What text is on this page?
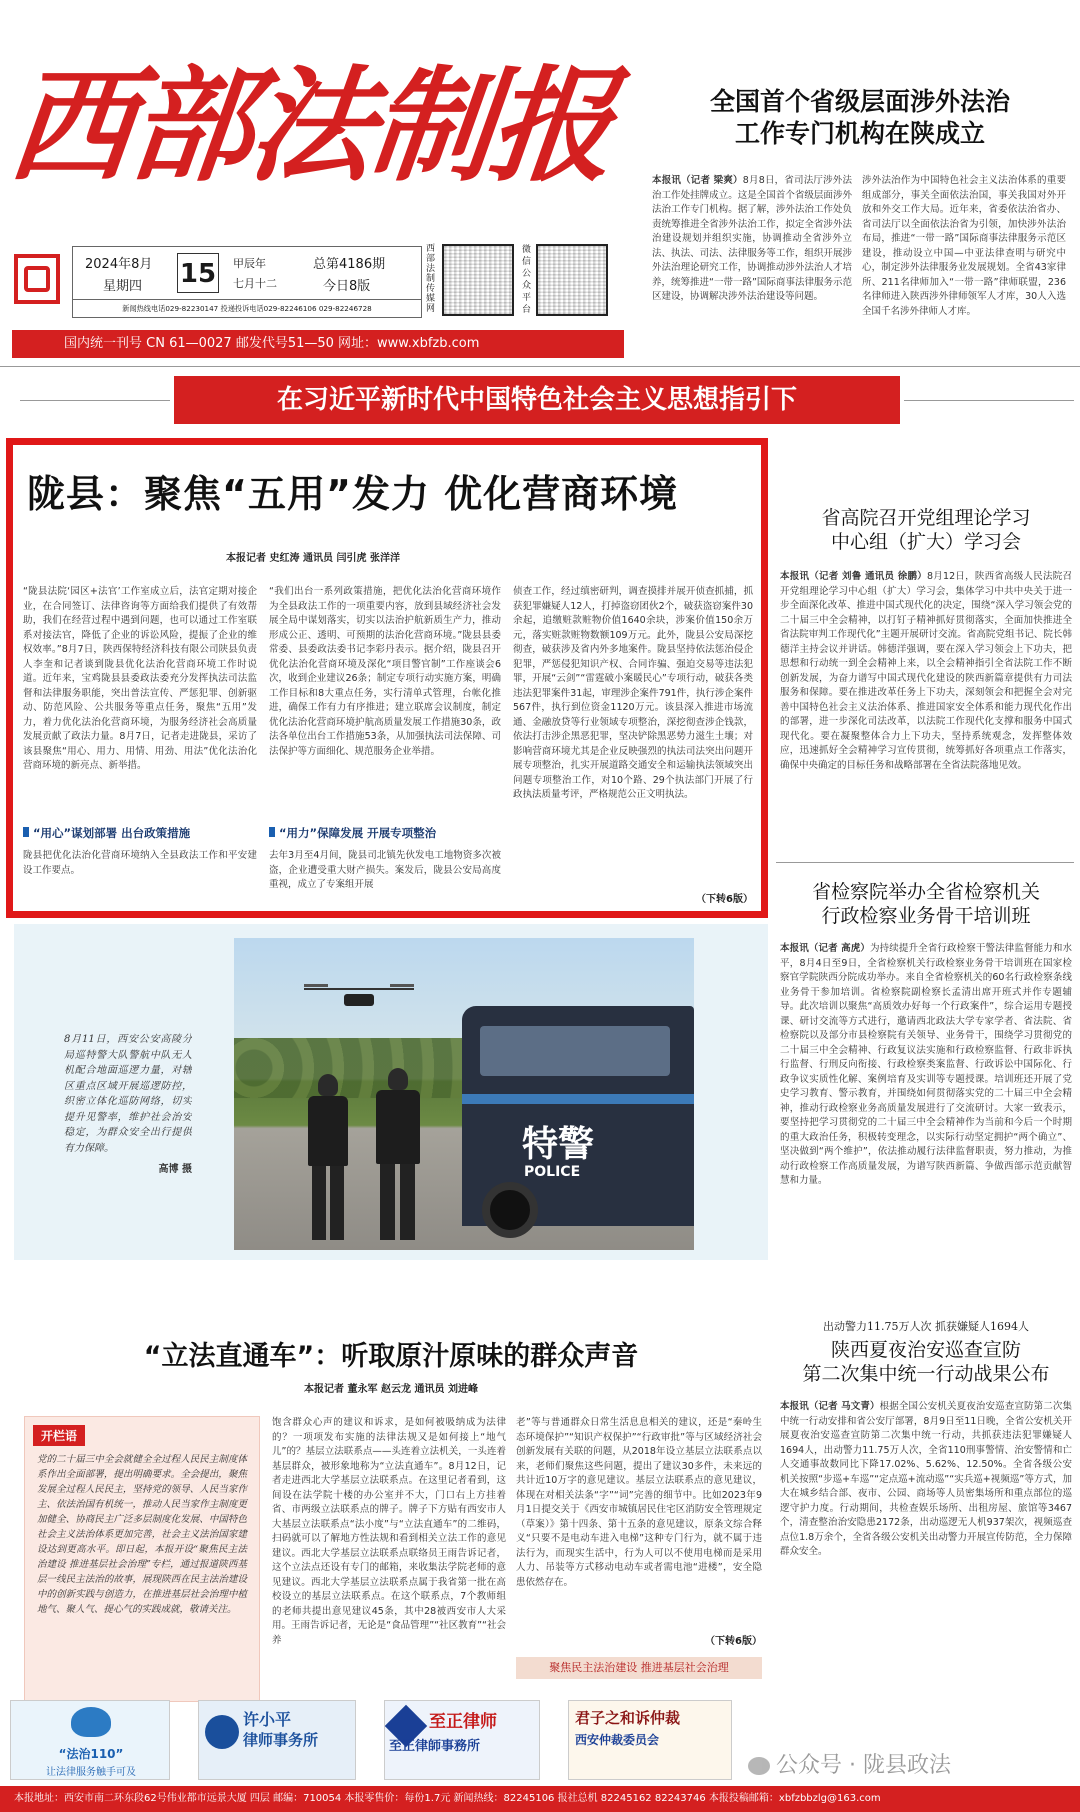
西部法制报
2024年8月
星期四 15 甲辰年
七月十二
总第4186期
今日8版
新闻热线电话029-82230147 投递投诉电话029-82246106 029-82246728
西部法制传媒网
微信公众平台
国内统一刊号 CN 61—0027 邮发代号51—50 网址：www.xbfzb.com
全国首个省级层面涉外法治
工作专门机构在陕成立
本报讯（记者 梁爽）8月8日，省司法厅涉外法治工作处挂牌成立。这是全国首个省级层面涉外法治工作专门机构。据了解，涉外法治工作处负责统筹推进全省涉外法治工作，拟定全省涉外法治建设规划并组织实施，协调推动全省涉外立法、执法、司法、法律服务等工作，组织开展涉外法治理论研究工作，协调推动涉外法治人才培养，统筹推进“一带一路”国际商事法律服务示范区建设，协调解决涉外法治建设等问题。
涉外法治作为中国特色社会主义法治体系的重要组成部分，事关全面依法治国，事关我国对外开放和外交工作大局。近年来，省委依法治省办、省司法厅以全面依法治省为引领，加快涉外法治布局，推进“一带一路”国际商事法律服务示范区建设，推动设立中国—中亚法律查明与研究中心，制定涉外法律服务业发展规划。全省43家律所、211名律师加入“一带一路”律师联盟，236名律师进入陕西涉外律师领军人才库，30人入选全国千名涉外律师人才库。
在习近平新时代中国特色社会主义思想指引下
陇县：聚焦“五用”发力 优化营商环境
本报记者 史红涛 通讯员 闫引虎 张洋洋
“陇县法院‘园区+法官’工作室成立后，法官定期对接企业，在合同签订、法律咨询等方面给我们提供了有效帮助，我们在经营过程中遇到问题，也可以通过工作室联系对接法官，降低了企业的诉讼风险，提振了企业的维权效率。”8月7日，陕西保特经济科技有限公司陕县负责人李奎和记者谈到陇县优化法治化营商环境工作时说道。近年来，宝鸡陇县县委政法委充分发挥执法司法监督和法律服务职能，突出普法宣传、严惩犯罪、创新驱动、防范风险、公共服务等重点任务，聚焦“五用”发力，着力优化法治化营商环境，为服务经济社会高质量发展贡献了政法力量。8月7日，记者走进陇县，采访了该县聚焦“用心、用力、用情、用劲、用法”优化法治化营商环境的新亮点、新举措。
“用心”谋划部署 出台政策措施
陇县把优化法治化营商环境纳入全县政法工作和平安建设工作要点。
“我们出台一系列政策措施，把优化法治化营商环境作为全县政法工作的一项重要内容，放到县域经济社会发展全局中谋划落实，切实以法治护航新质生产力，推动形成公正、透明、可预期的法治化营商环境。”陇县县委常委、县委政法委书记李彩丹表示。据介绍，陇县召开优化法治化营商环境及深化“项目警官制”工作座谈会6次，收到企业建议26条；制定专项行动实施方案，明确工作目标和8大重点任务，实行清单式管理，台帐化推进，确保工作有力有序推进；建立联席会议制度，制定优化法治化营商环境护航高质量发展工作措施30条，政法各单位出台工作措施53条，从加强执法司法保障、司法保护等方面细化、规范服务企业举措。
“用力”保障发展 开展专项整治
去年3月至4月间，陇县司北镇先伙发电工地物资多次被盗，企业遭受重大财产损失。案发后，陇县公安局高度重视，成立了专案组开展
侦查工作，经过缜密研判，调查摸排并展开侦查抓捕，抓获犯罪嫌疑人12人，打掉盗窃团伙2个，破获盗窃案件30余起，追缴赃款赃物价值1640余块，涉案价值150余万元，落实赃款赃物数额109万元。此外，陇县公安局深挖彻查，破获涉及省内外多地案件。陇县坚持依法惩治侵企犯罪，严惩侵犯知识产权、合同诈骗、强迫交易等违法犯罪，开展“云剑”“雷霆破小案暖民心”专项行动，破获各类违法犯罪案件31起，审理涉企案件791件，执行涉企案件567件，执行到位资金1120万元。该县深入推进市场流通、金融放贷等行业领域专项整治，深挖彻查涉企钱款，依法打击涉企黑恶犯罪，坚决铲除黑恶势力滋生土壤；对影响营商环境尤其是企业反映强烈的执法司法突出问题开展专项整治，扎实开展道路交通安全和运输执法领域突出问题专项整治工作，对10个路、29个执法部门开展了行政执法质量考评，严格规范公正文明执法。
（下转6版）
省高院召开党组理论学习
中心组（扩大）学习会
本报讯（记者 刘鲁 通讯员 徐鹏）8月12日，陕西省高级人民法院召开党组理论学习中心组（扩大）学习会，集体学习中共中央关于进一步全面深化改革、推进中国式现代化的决定，围绕“深入学习领会党的二十届三中全会精神，以打钉子精神抓好贯彻落实，全面加快推进全省法院审判工作现代化”主题开展研讨交流。省高院党组书记、院长韩德洋主持会议并讲话。韩德洋强调，要在深入学习领会上下功夫，把思想和行动统一到全会精神上来，以全会精神指引全省法院工作不断创新发展，为奋力谱写中国式现代化建设的陕西新篇章提供有力司法服务和保障。要在推进改革任务上下功夫，深刻领会和把握全会对完善中国特色社会主义法治体系、推进国家安全体系和能力现代化作出的部署，进一步深化司法改革，以法院工作现代化支撑和服务中国式现代化。要在凝聚整体合力上下功夫，坚持系统观念，发挥整体效应，迅速抓好全会精神学习宣传贯彻，统筹抓好各项重点工作落实，确保中央确定的目标任务和战略部署在全省法院落地见效。
省检察院举办全省检察机关
行政检察业务骨干培训班
本报讯（记者 高虎）为持续提升全省行政检察干警法律监督能力和水平，8月4日至9日，全省检察机关行政检察业务骨干培训班在国家检察官学院陕西分院成功举办。来自全省检察机关的60名行政检察条线业务骨干参加培训。省检察院副检察长孟清出席开班式并作专题辅导。此次培训以聚焦“高质效办好每一个行政案件”，综合运用专题授课、研讨交流等方式进行，邀请西北政法大学专家学者、省法院、省检察院以及部分市县检察院有关领导、业务骨干，围绕学习贯彻党的二十届三中全会精神、行政复议法实施和行政检察监督、行政非诉执行监督、行刑反向衔接、行政检察类案监督、行政诉讼中国际化、行政争议实质性化解、案例培育及实训等专题授课。培训班还开展了党史学习教育、警示教育，并围绕如何贯彻落实党的二十届三中全会精神，推动行政检察业务高质量发展进行了交流研讨。大家一致表示，要坚持把学习贯彻党的二十届三中全会精神作为当前和今后一个时期的重大政治任务，积极转变理念，以实际行动坚定拥护“两个确立”、坚决做到“两个维护”，依法推动履行法律监督职责，努力推动，为推动行政检察工作高质量发展，为谱写陕西新篇、争做西部示范贡献智慧和力量。
8月11日，西安公安高陵分局巡特警大队警航中队无人机配合地面巡逻力量，对辖区重点区域开展巡逻防控，织密立体化巡防网络，切实提升见警率，维护社会治安稳定，为群众安全出行提供有力保障。
高博 摄
特警
POLICE
出动警力11.75万人次 抓获嫌疑人1694人
陕西夏夜治安巡查宣防
第二次集中统一行动战果公布
本报讯（记者 马文青）根据全国公安机关夏夜治安巡查宣防第二次集中统一行动安排和省公安厅部署，8月9日至11日晚，全省公安机关开展夏夜治安巡查宣防第二次集中统一行动，共抓获违法犯罪嫌疑人1694人，出动警力11.75万人次，全省110刑事警情、治安警情和亡人交通事故数同比下降17.02%、5.62%、12.50%。全省各级公安机关按照“步巡+车巡”“定点巡+流动巡”“实兵巡+视频巡”等方式，加大在城乡结合部、夜市、公园、商场等人员密集场所和重点部位的巡逻守护力度。行动期间，共检查娱乐场所、出租房屋、旅馆等3467个，清查整治治安隐患2172条，出动巡逻无人机937架次，视频巡查点位1.8万余个，全省各级公安机关出动警力开展宣传防范，全力保障群众安全。
“立法直通车”：听取原汁原味的群众声音
本报记者 董永军 赵云龙 通讯员 刘进峰
开栏语
党的二十届三中全会就健全全过程人民民主制度体系作出全面部署，提出明确要求。全会提出，聚焦发展全过程人民民主，坚持党的领导、人民当家作主、依法治国有机统一，推动人民当家作主制度更加健全、协商民主广泛多层制度化发展、中国特色社会主义法治体系更加完善，社会主义法治国家建设达到更高水平。即日起，本报开设“聚焦民主法治建设 推进基层社会治理”专栏，通过报道陕西基层一线民主法治的故事，展现陕西在民主法治建设中的创新实践与创造力，在推进基层社会治理中植地气、聚人气、提心气的实践成就，敬请关注。
饱含群众心声的建议和诉求，是如何被吸纳成为法律的？一项项发布实施的法律法规又是如何接上“地气儿”的？基层立法联系点——头连着立法机关，一头连着基层群众，被形象地称为“立法直通车”。8月12日，记者走进西北大学基层立法联系点。在这里记者看到，这间设在法学院十楼的办公室并不大，门口右上方挂着省、市两级立法联系点的牌子。牌子下方贴有西安市人大基层立法联系点“法小度”与“立法直通车”的二维码，扫码就可以了解地方性法规和看到相关立法工作的意见建议。西北大学基层立法联系点联络员王雨告诉记者，这个立法点还设有专门的邮箱，来收集法学院老师的意见建议。西北大学基层立法联系点属于我省第一批在高校设立的基层立法联系点。在这个联系点，7个教师组的老师共提出意见建议45条，其中28被西安市人大采用。王雨告诉记者，无论是“食品管理”“社区教育”“社会养
老”等与普通群众日常生活息息相关的建议，还是“秦岭生态环境保护”“知识产权保护”“行政审批”等与区域经济社会创新发展有关联的问题，从2018年设立基层立法联系点以来，老师们聚焦这些问题，提出了建议30多件，未来远的共计近10万字的意见建议。基层立法联系点的意见建议，体现在对相关法条“字”“词”完善的细节中。比如2023年9月1日提交关于《西安市城镇居民住宅区消防安全管理规定（草案）》第十四条、第十五条的意见建议，原条文综合释义“只要不是电动车进入电梯”这种专门行为，就不属于违法行为，而现实生活中，行为人可以不使用电梯而是采用人力、吊装等方式移动电动车或者需电池“进楼”，安全隐患依然存在。
（下转6版）
聚焦民主法治建设 推进基层社会治理
“法治110”
让法律服务触手可及
许小平
律师事务所
至正律师
至正律師事務所
君子之和诉仲裁
西安仲裁委员会
公众号 · 陇县政法
本报地址：西安市南二环东段62号伟业都市远景大厦 四层 邮编：710054 本报零售价：每份1.7元 新闻热线：82245106 报社总机 82245162 82243746 本报投稿邮箱：xbfzbbzlg@163.com
